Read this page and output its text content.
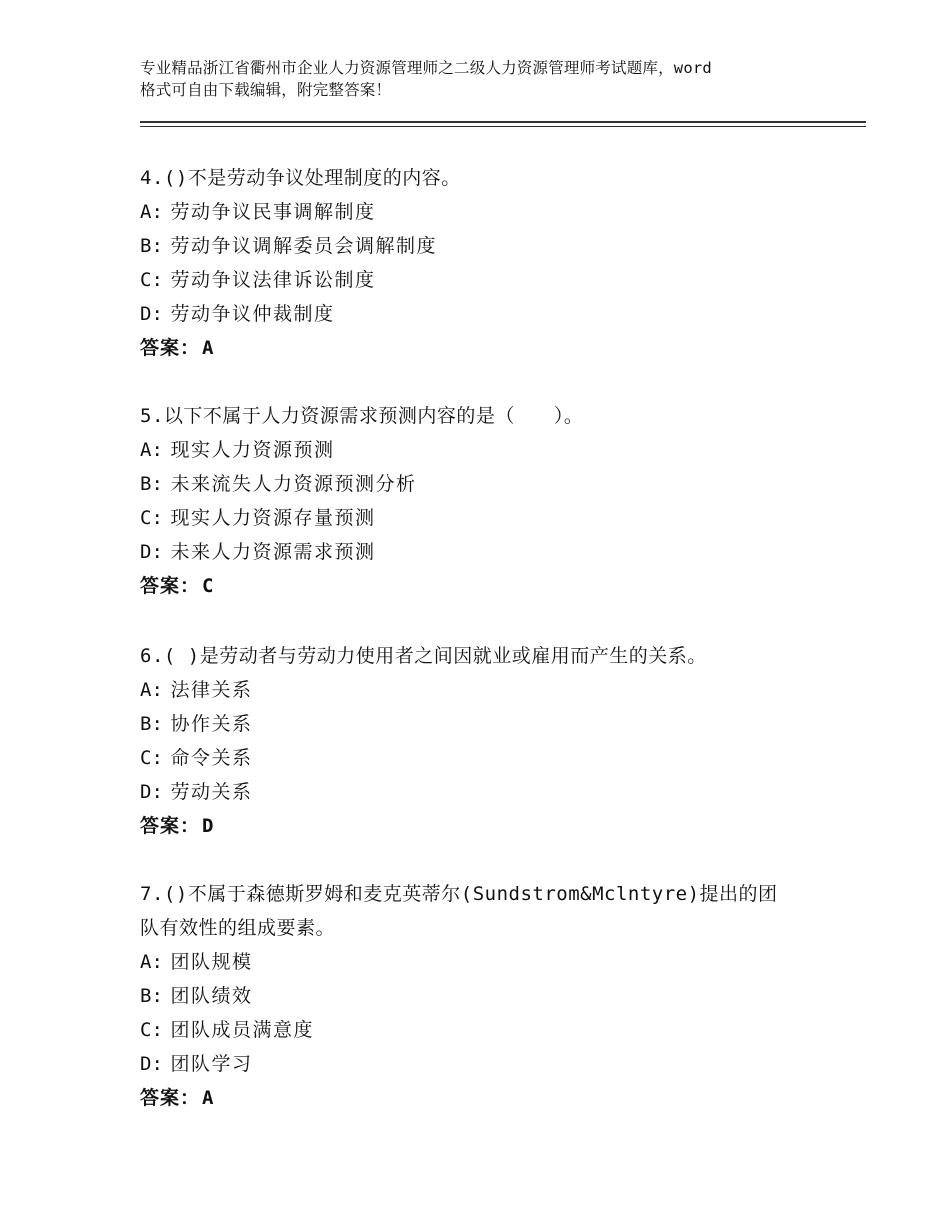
专业精品浙江省衢州市企业人力资源管理师之二级人力资源管理师考试题库，word
格式可自由下载编辑，附完整答案！
4.()不是劳动争议处理制度的内容。
A: 劳动争议民事调解制度
B: 劳动争议调解委员会调解制度
C: 劳动争议法律诉讼制度
D: 劳动争议仲裁制度
答案： A
5.以下不属于人力资源需求预测内容的是（　　）。
A: 现实人力资源预测
B: 未来流失人力资源预测分析
C: 现实人力资源存量预测
D: 未来人力资源需求预测
答案： C
6.( )是劳动者与劳动力使用者之间因就业或雇用而产生的关系。
A: 法律关系
B: 协作关系
C: 命令关系
D: 劳动关系
答案： D
7.()不属于森德斯罗姆和麦克英蒂尔(Sundstrom&Mclntyre)提出的团
队有效性的组成要素。
A: 团队规模
B: 团队绩效
C: 团队成员满意度
D: 团队学习
答案： A
